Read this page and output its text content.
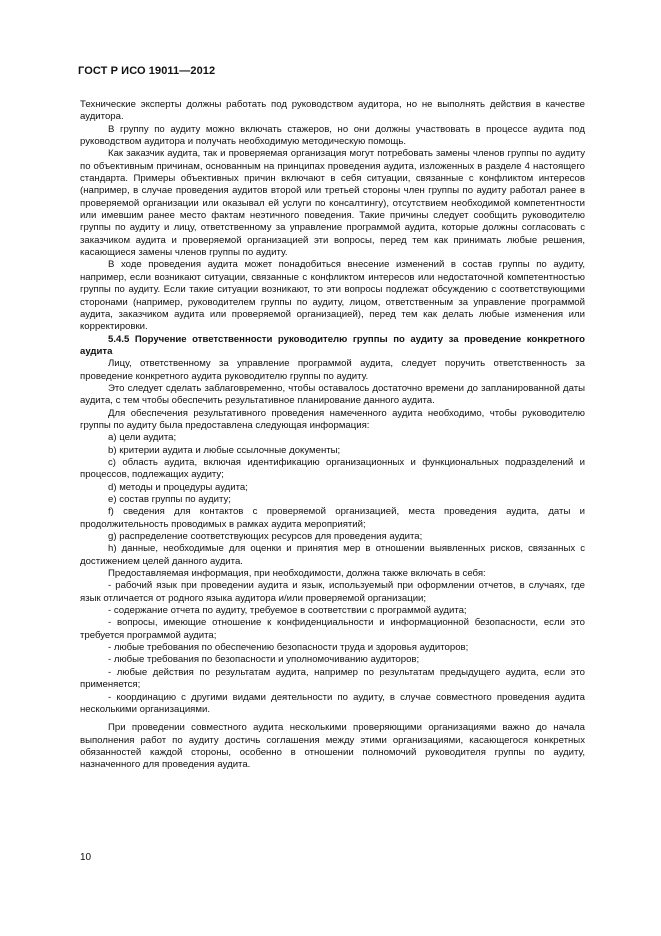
ГОСТ Р ИСО 19011—2012

Технические эксперты должны работать под руководством аудитора, но не выполнять действия в качестве аудитора.

В группу по аудиту можно включать стажеров, но они должны участвовать в процессе аудита под руководством аудитора и получать необходимую методическую помощь.

Как заказчик аудита, так и проверяемая организация могут потребовать замены членов группы по аудиту по объективным причинам, основанным на принципах проведения аудита, изложенных в разделе 4 настоящего стандарта. Примеры объективных причин включают в себя ситуации, связанные с конфликтом интересов (например, в случае проведения аудитов второй или третьей стороны член группы по аудиту работал ранее в проверяемой организации или оказывал ей услуги по консалтингу), отсутствием необходимой компетентности или имевшим ранее место фактам неэтичного поведения. Такие причины следует сообщить руководителю группы по аудиту и лицу, ответственному за управление программой аудита, которые должны согласовать с заказчиком аудита и проверяемой организацией эти вопросы, перед тем как принимать любые решения, касающиеся замены членов группы по аудиту.

В ходе проведения аудита может понадобиться внесение изменений в состав группы по аудиту, например, если возникают ситуации, связанные с конфликтом интересов или недостаточной компетентностью группы по аудиту. Если такие ситуации возникают, то эти вопросы подлежат обсуждению с соответствующими сторонами (например, руководителем группы по аудиту, лицом, ответственным за управление программой аудита, заказчиком аудита или проверяемой организацией), перед тем как делать любые изменения или корректировки.

5.4.5 Поручение ответственности руководителю группы по аудиту за проведение конкретного аудита

Лицу, ответственному за управление программой аудита, следует поручить ответственность за проведение конкретного аудита руководителю группы по аудиту.

Это следует сделать заблаговременно, чтобы оставалось достаточно времени до запланированной даты аудита, с тем чтобы обеспечить результативное планирование данного аудита.

Для обеспечения результативного проведения намеченного аудита необходимо, чтобы руководителю группы по аудиту была предоставлена следующая информация:

а) цели аудита;

b) критерии аудита и любые ссылочные документы;

с) область аудита, включая идентификацию организационных и функциональных подразделений и процессов, подлежащих аудиту;

d) методы и процедуры аудита;

е) состав группы по аудиту;

f) сведения для контактов с проверяемой организацией, места проведения аудита, даты и продолжительность проводимых в рамках аудита мероприятий;

g) распределение соответствующих ресурсов для проведения аудита;

h) данные, необходимые для оценки и принятия мер в отношении выявленных рисков, связанных с достижением целей данного аудита.

Предоставляемая информация, при необходимости, должна также включать в себя:

- рабочий язык при проведении аудита и язык, используемый при оформлении отчетов, в случаях, где язык отличается от родного языка аудитора и/или проверяемой организации;

- содержание отчета по аудиту, требуемое в соответствии с программой аудита;

- вопросы, имеющие отношение к конфиденциальности и информационной безопасности, если это требуется программой аудита;

- любые требования по обеспечению безопасности труда и здоровья аудиторов;

- любые требования по безопасности и уполномочиванию аудиторов;

- любые действия по результатам аудита, например по результатам предыдущего аудита, если это применяется;

- координацию с другими видами деятельности по аудиту, в случае совместного проведения аудита несколькими организациями.

При проведении совместного аудита несколькими проверяющими организациями важно до начала выполнения работ по аудиту достичь соглашения между этими организациями, касающегося конкретных обязанностей каждой стороны, особенно в отношении полномочий руководителя группы по аудиту, назначенного для проведения аудита.

10
